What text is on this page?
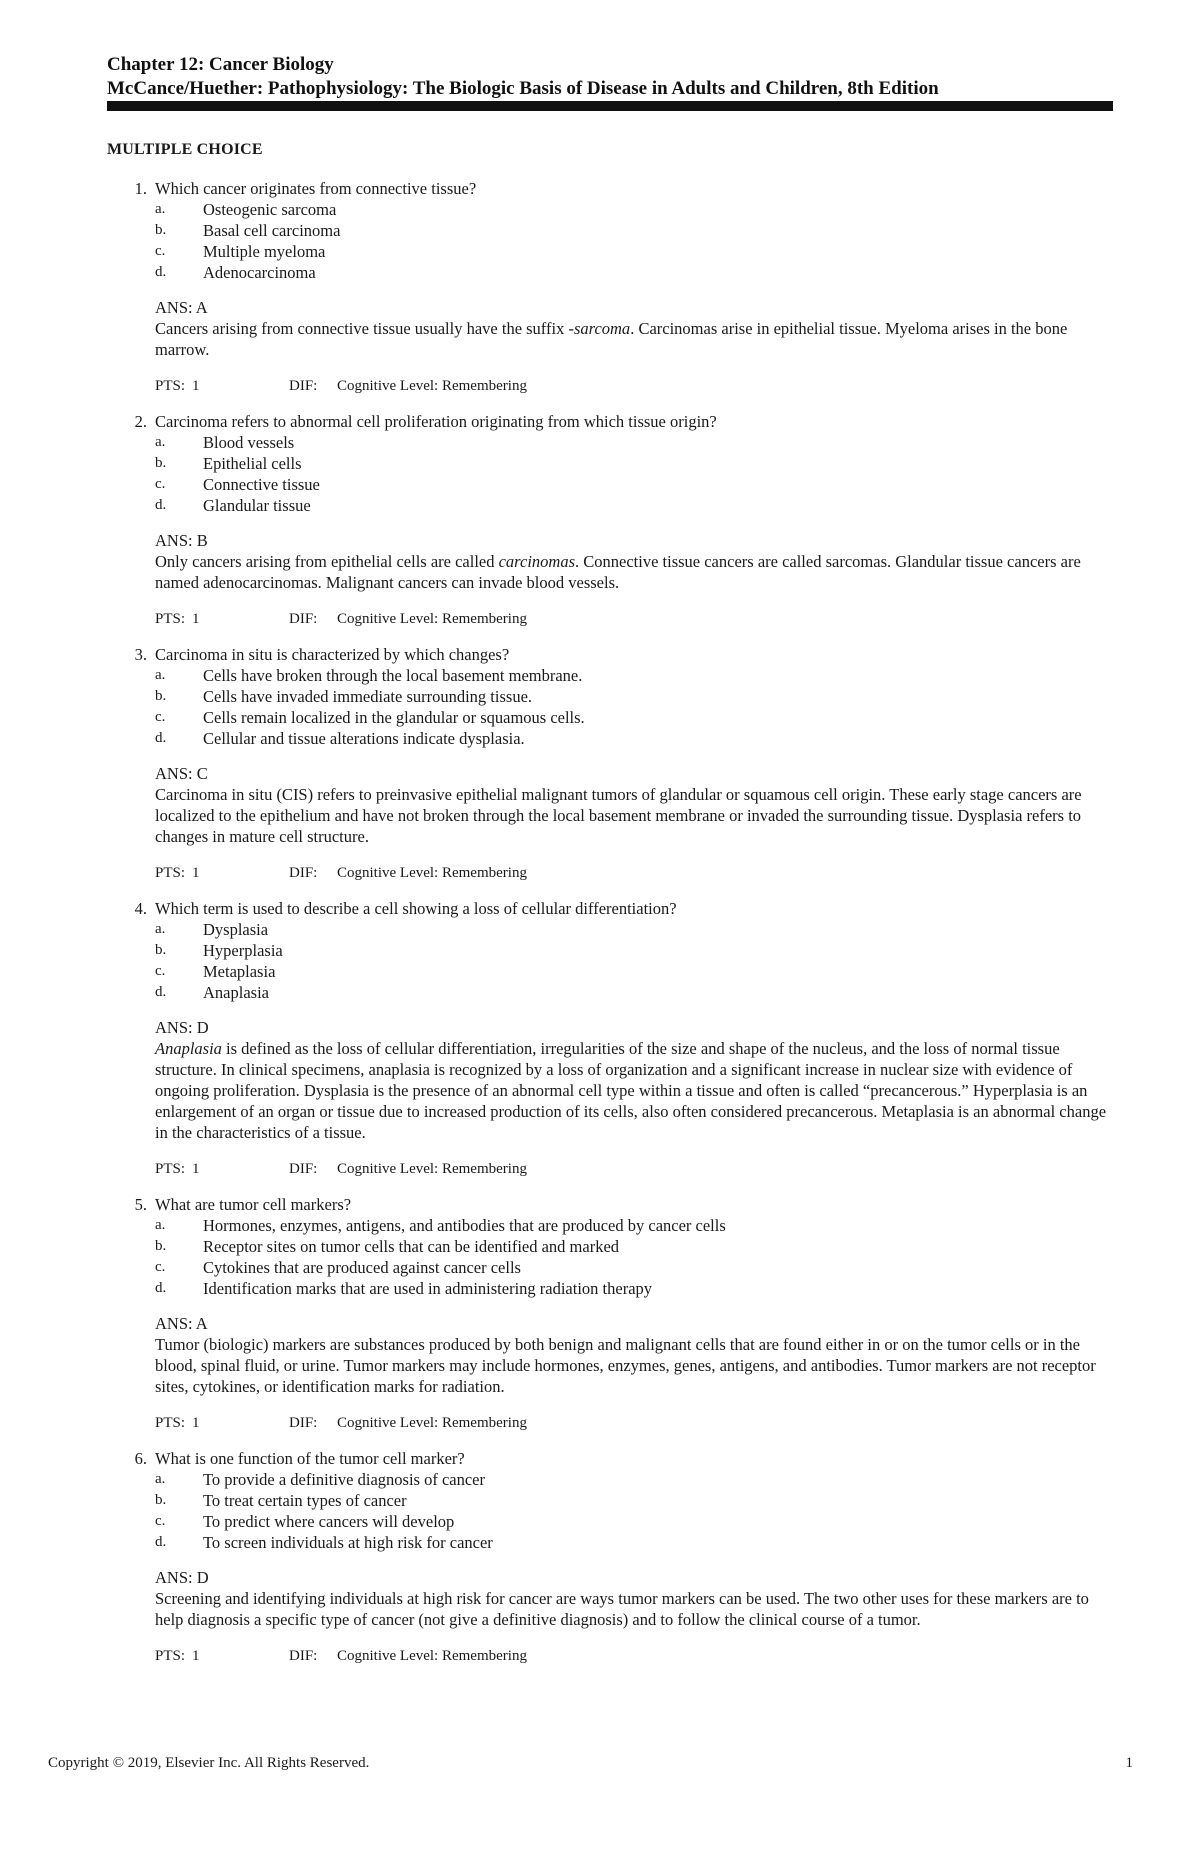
Chapter 12: Cancer Biology
McCance/Huether: Pathophysiology: The Biologic Basis of Disease in Adults and Children, 8th Edition
MULTIPLE CHOICE
1. Which cancer originates from connective tissue?
a.	Osteogenic sarcoma
b.	Basal cell carcinoma
c.	Multiple myeloma
d.	Adenocarcinoma
ANS: A
Cancers arising from connective tissue usually have the suffix -sarcoma. Carcinomas arise in epithelial tissue. Myeloma arises in the bone marrow.
PTS: 1	DIF:	Cognitive Level: Remembering
2. Carcinoma refers to abnormal cell proliferation originating from which tissue origin?
a.	Blood vessels
b.	Epithelial cells
c.	Connective tissue
d.	Glandular tissue
ANS: B
Only cancers arising from epithelial cells are called carcinomas. Connective tissue cancers are called sarcomas. Glandular tissue cancers are named adenocarcinomas. Malignant cancers can invade blood vessels.
PTS: 1	DIF:	Cognitive Level: Remembering
3. Carcinoma in situ is characterized by which changes?
a.	Cells have broken through the local basement membrane.
b.	Cells have invaded immediate surrounding tissue.
c.	Cells remain localized in the glandular or squamous cells.
d.	Cellular and tissue alterations indicate dysplasia.
ANS: C
Carcinoma in situ (CIS) refers to preinvasive epithelial malignant tumors of glandular or squamous cell origin. These early stage cancers are localized to the epithelium and have not broken through the local basement membrane or invaded the surrounding tissue. Dysplasia refers to changes in mature cell structure.
PTS: 1	DIF:	Cognitive Level: Remembering
4. Which term is used to describe a cell showing a loss of cellular differentiation?
a.	Dysplasia
b.	Hyperplasia
c.	Metaplasia
d.	Anaplasia
ANS: D
Anaplasia is defined as the loss of cellular differentiation, irregularities of the size and shape of the nucleus, and the loss of normal tissue structure. In clinical specimens, anaplasia is recognized by a loss of organization and a significant increase in nuclear size with evidence of ongoing proliferation. Dysplasia is the presence of an abnormal cell type within a tissue and often is called “precancerous.” Hyperplasia is an enlargement of an organ or tissue due to increased production of its cells, also often considered precancerous. Metaplasia is an abnormal change in the characteristics of a tissue.
PTS: 1	DIF:	Cognitive Level: Remembering
5. What are tumor cell markers?
a.	Hormones, enzymes, antigens, and antibodies that are produced by cancer cells
b.	Receptor sites on tumor cells that can be identified and marked
c.	Cytokines that are produced against cancer cells
d.	Identification marks that are used in administering radiation therapy
ANS: A
Tumor (biologic) markers are substances produced by both benign and malignant cells that are found either in or on the tumor cells or in the blood, spinal fluid, or urine. Tumor markers may include hormones, enzymes, genes, antigens, and antibodies. Tumor markers are not receptor sites, cytokines, or identification marks for radiation.
PTS: 1	DIF:	Cognitive Level: Remembering
6. What is one function of the tumor cell marker?
a.	To provide a definitive diagnosis of cancer
b.	To treat certain types of cancer
c.	To predict where cancers will develop
d.	To screen individuals at high risk for cancer
ANS: D
Screening and identifying individuals at high risk for cancer are ways tumor markers can be used. The two other uses for these markers are to help diagnosis a specific type of cancer (not give a definitive diagnosis) and to follow the clinical course of a tumor.
PTS: 1	DIF:	Cognitive Level: Remembering
Copyright © 2019, Elsevier Inc. All Rights Reserved.	1
